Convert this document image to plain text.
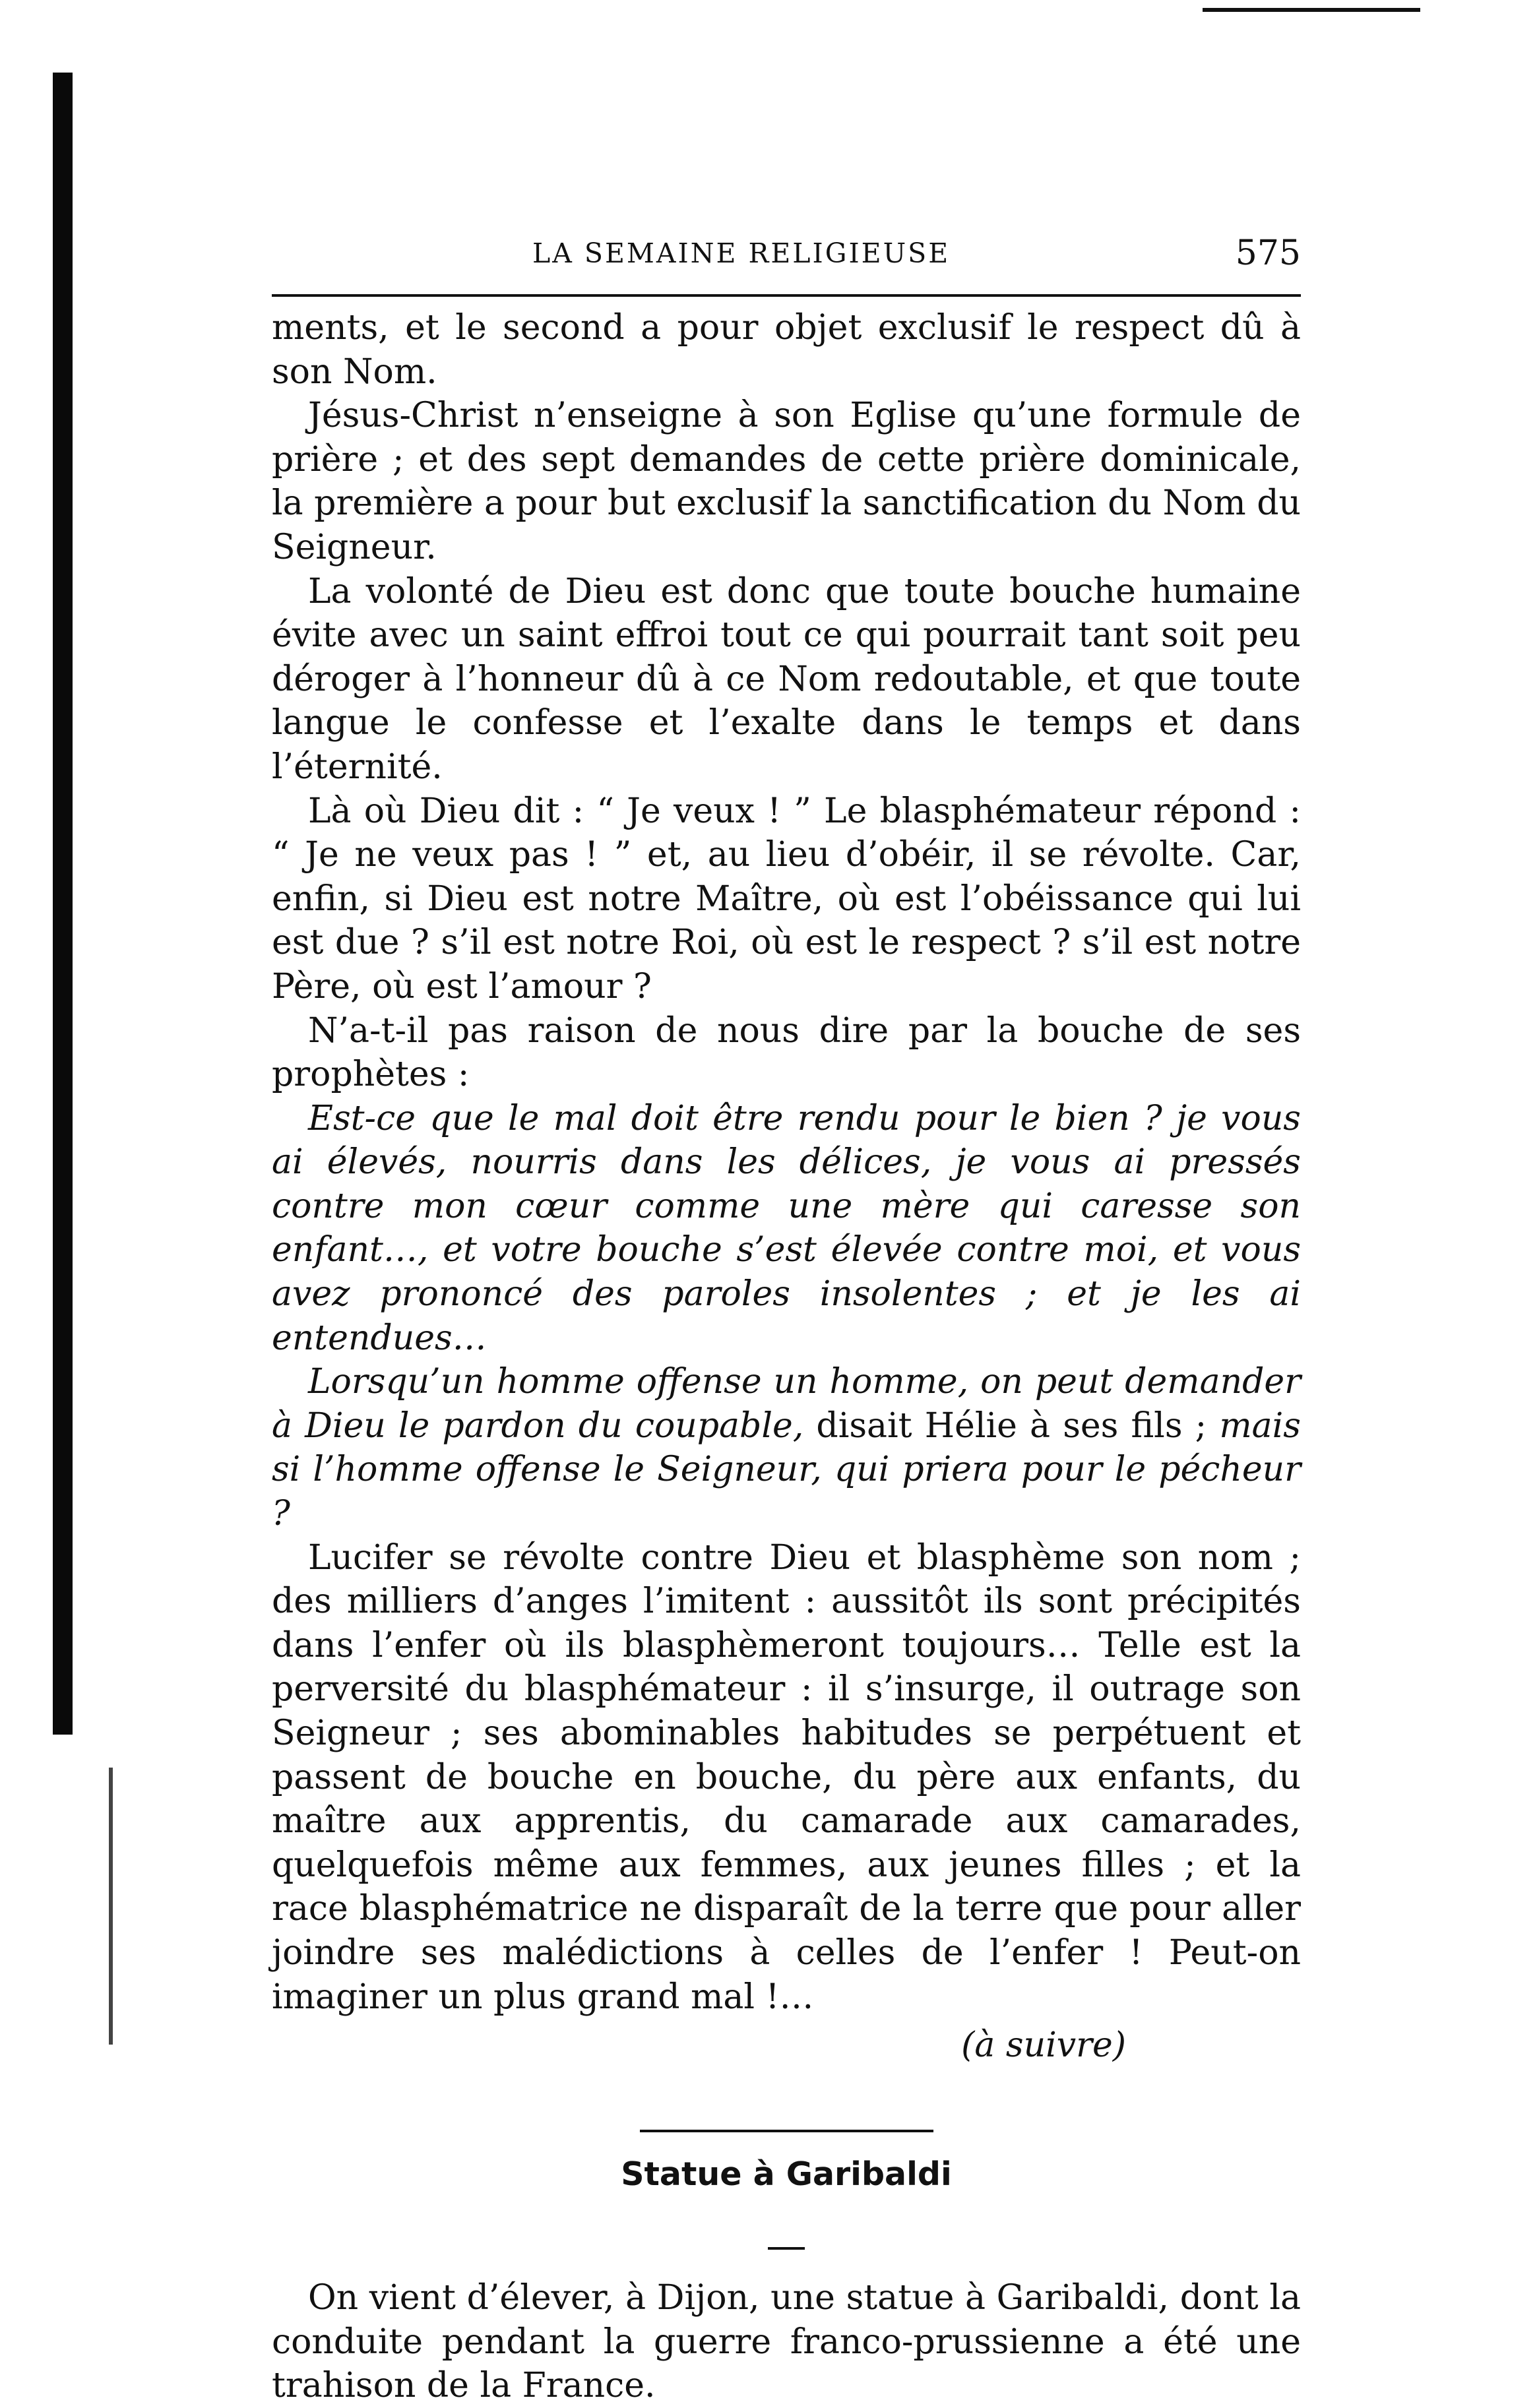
LA SEMAINE RELIGIEUSE	575

ments, et le second a pour objet exclusif le respect dû à son Nom.

Jésus-Christ n’enseigne à son Eglise qu’une formule de prière ; et des sept demandes de cette prière dominicale, la première a pour but exclusif la sanctification du Nom du Seigneur.

La volonté de Dieu est donc que toute bouche humaine évite avec un saint effroi tout ce qui pourrait tant soit peu déroger à l’honneur dû à ce Nom redoutable, et que toute langue le confesse et l’exalte dans le temps et dans l’éternité.

Là où Dieu dit : “ Je veux ! ” Le blasphémateur répond : “ Je ne veux pas ! ” et, au lieu d’obéir, il se révolte. Car, enfin, si Dieu est notre Maître, où est l’obéissance qui lui est due ? s’il est notre Roi, où est le respect ? s’il est notre Père, où est l’amour ?

N’a-t-il pas raison de nous dire par la bouche de ses prophètes :

Est-ce que le mal doit être rendu pour le bien ? je vous ai élevés, nourris dans les délices, je vous ai pressés contre mon cœur comme une mère qui caresse son enfant…, et votre bouche s’est élevée contre moi, et vous avez prononcé des paroles insolentes ; et je les ai entendues…

Lorsqu’un homme offense un homme, on peut demander à Dieu le pardon du coupable, disait Hélie à ses fils ; mais si l’homme offense le Seigneur, qui priera pour le pécheur ?

Lucifer se révolte contre Dieu et blasphème son nom ; des milliers d’anges l’imitent : aussitôt ils sont précipités dans l’enfer où ils blasphèmeront toujours… Telle est la perversité du blasphémateur : il s’insurge, il outrage son Seigneur ; ses abominables habitudes se perpétuent et passent de bouche en bouche, du père aux enfants, du maître aux apprentis, du camarade aux camarades, quelquefois même aux femmes, aux jeunes filles ; et la race blasphématrice ne disparaît de la terre que pour aller joindre ses malédictions à celles de l’enfer ! Peut-on imaginer un plus grand mal !…

(à suivre)

Statue à Garibaldi

On vient d’élever, à Dijon, une statue à Garibaldi, dont la conduite pendant la guerre franco-prussienne a été une trahison de la France.
